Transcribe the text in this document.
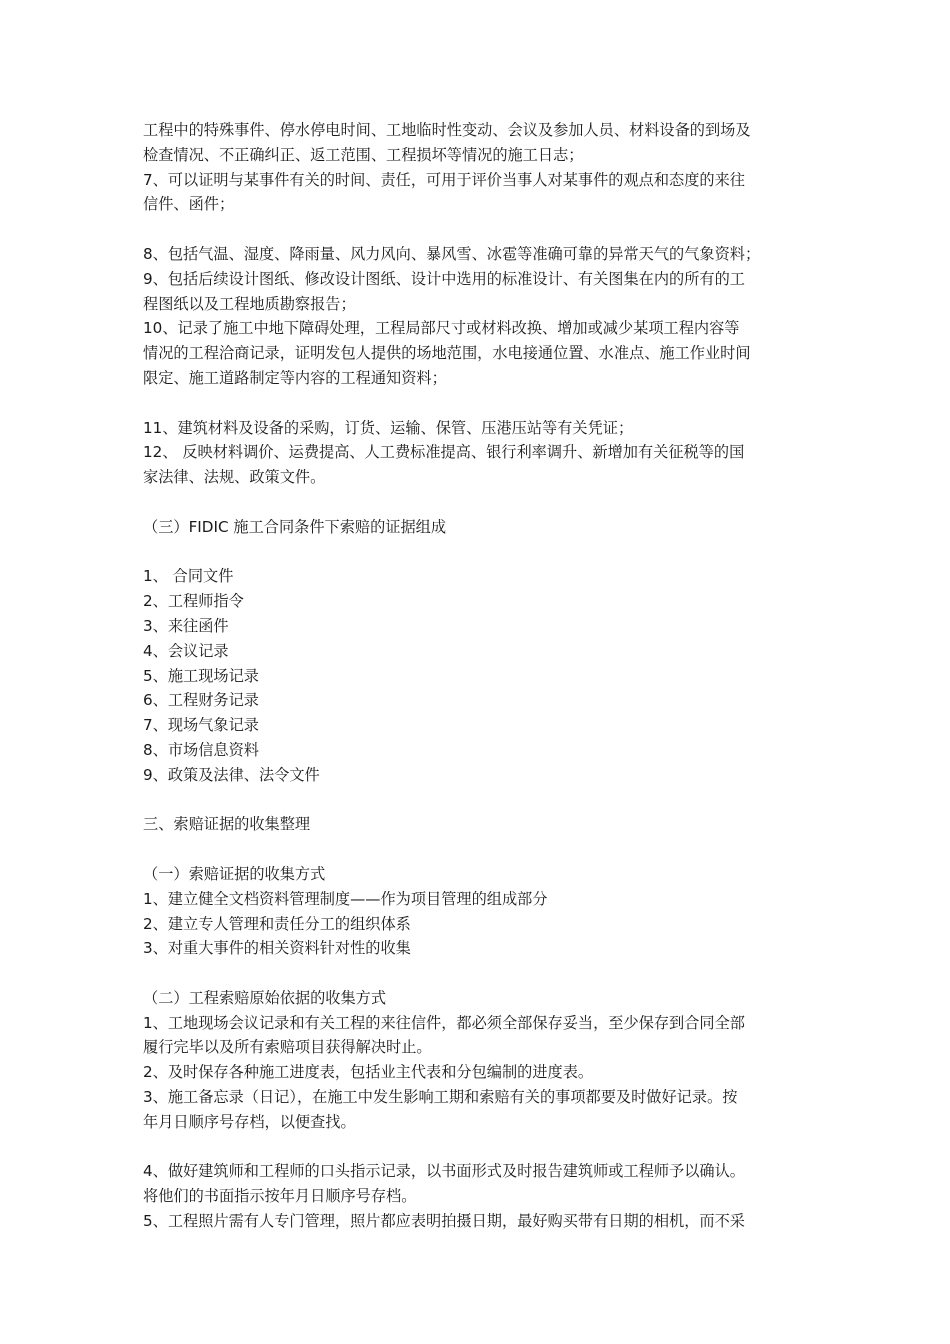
工程中的特殊事件、停水停电时间、工地临时性变动、会议及参加人员、材料设备的到场及
检查情况、不正确纠正、返工范围、工程损坏等情况的施工日志；
7、可以证明与某事件有关的时间、责任，可用于评价当事人对某事件的观点和态度的来往
信件、函件；
8、包括气温、湿度、降雨量、风力风向、暴风雪、冰雹等准确可靠的异常天气的气象资料；
9、包括后续设计图纸、修改设计图纸、设计中选用的标准设计、有关图集在内的所有的工
程图纸以及工程地质勘察报告；
10、记录了施工中地下障碍处理，工程局部尺寸或材料改换、增加或减少某项工程内容等
情况的工程洽商记录，证明发包人提供的场地范围，水电接通位置、水准点、施工作业时间
限定、施工道路制定等内容的工程通知资料；
11、建筑材料及设备的采购，订货、运输、保管、压港压站等有关凭证；
12、 反映材料调价、运费提高、人工费标准提高、银行利率调升、新增加有关征税等的国
家法律、法规、政策文件。
（三）FIDIC 施工合同条件下索赔的证据组成
1、 合同文件
2、工程师指令
3、来往函件
4、会议记录
5、施工现场记录
6、工程财务记录
7、现场气象记录
8、市场信息资料
9、政策及法律、法令文件
三、索赔证据的收集整理
（一）索赔证据的收集方式
1、建立健全文档资料管理制度——作为项目管理的组成部分
2、建立专人管理和责任分工的组织体系
3、对重大事件的相关资料针对性的收集
（二）工程索赔原始依据的收集方式
1、工地现场会议记录和有关工程的来往信件，都必须全部保存妥当，至少保存到合同全部
履行完毕以及所有索赔项目获得解决时止。
2、及时保存各种施工进度表，包括业主代表和分包编制的进度表。
3、施工备忘录（日记），在施工中发生影响工期和索赔有关的事项都要及时做好记录。按
年月日顺序号存档，以便查找。
4、做好建筑师和工程师的口头指示记录，以书面形式及时报告建筑师或工程师予以确认。
将他们的书面指示按年月日顺序号存档。
5、工程照片需有人专门管理，照片都应表明拍摄日期，最好购买带有日期的相机，而不采
